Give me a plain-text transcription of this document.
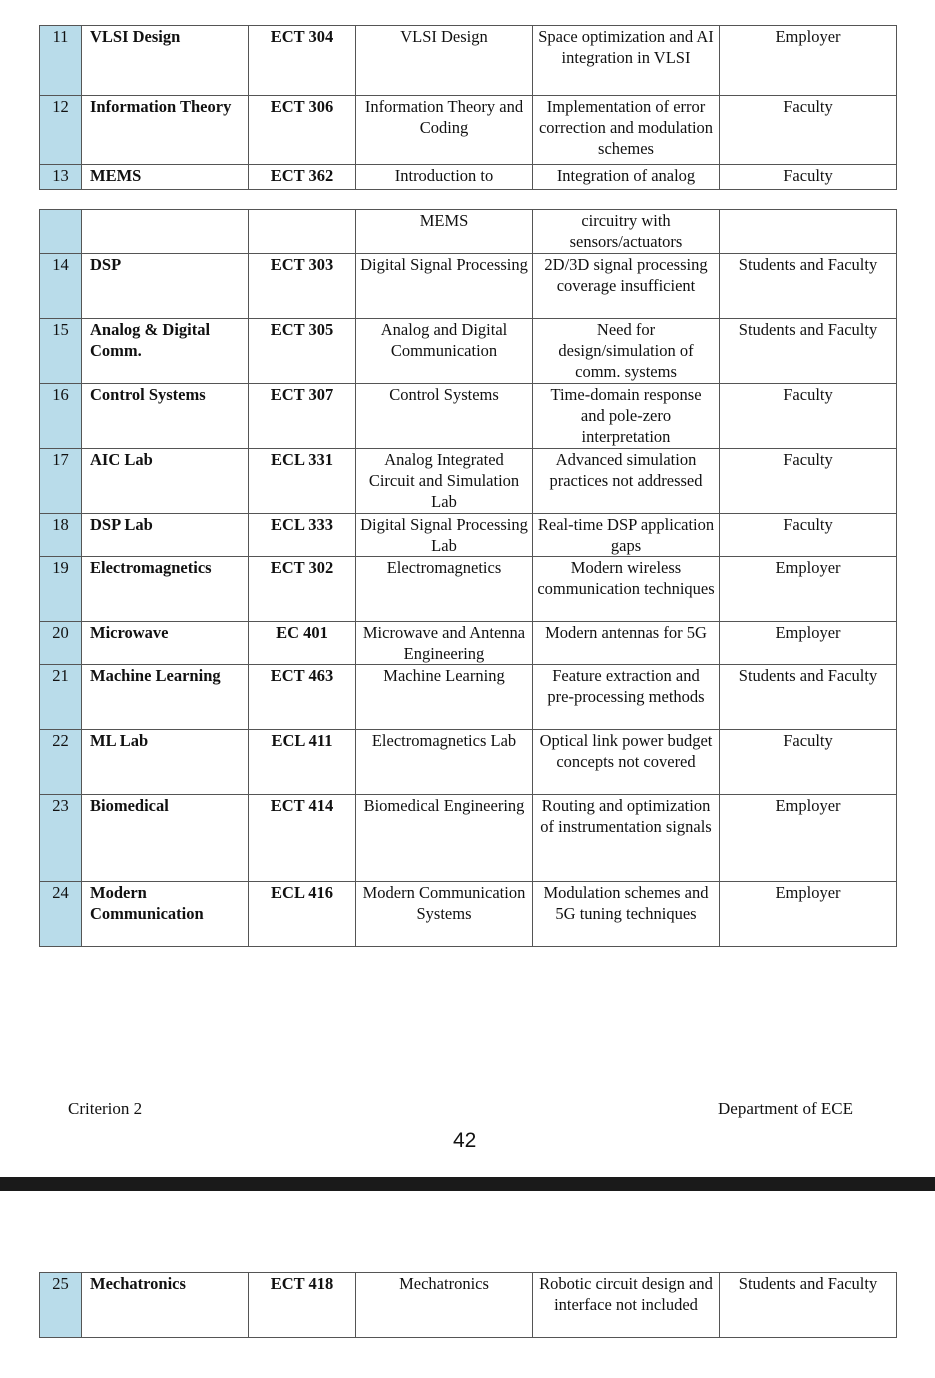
11	VLSI Design	ECT 304	VLSI Design	Space optimization and AI integration in VLSI	Employer
12	Information Theory	ECT 306	Information Theory and Coding	Implementation of error correction and modulation schemes	Faculty
13	MEMS	ECT 362	Introduction to	Integration of analog	Faculty
			MEMS	circuitry with sensors/actuators	
14	DSP	ECT 303	Digital Signal Processing	2D/3D signal processing coverage insufficient	Students and Faculty
15	Analog & Digital Comm.	ECT 305	Analog and Digital Communication	Need for design/simulation of comm. systems	Students and Faculty
16	Control Systems	ECT 307	Control Systems	Time-domain response and pole-zero interpretation	Faculty
17	AIC Lab	ECL 331	Analog Integrated Circuit and Simulation Lab	Advanced simulation practices not addressed	Faculty
18	DSP Lab	ECL 333	Digital Signal Processing Lab	Real-time DSP application gaps	Faculty
19	Electromagnetics	ECT 302	Electromagnetics	Modern wireless communication techniques	Employer
20	Microwave	EC 401	Microwave and Antenna Engineering	Modern antennas for 5G	Employer
21	Machine Learning	ECT 463	Machine Learning	Feature extraction and pre-processing methods	Students and Faculty
22	ML Lab	ECL 411	Electromagnetics Lab	Optical link power budget concepts not covered	Faculty
23	Biomedical	ECT 414	Biomedical Engineering	Routing and optimization of instrumentation signals	Employer
24	Modern Communication	ECL 416	Modern Communication Systems	Modulation schemes and 5G tuning techniques	Employer
Criterion 2	Department of ECE
42
25	Mechatronics	ECT 418	Mechatronics	Robotic circuit design and interface not included	Students and Faculty
